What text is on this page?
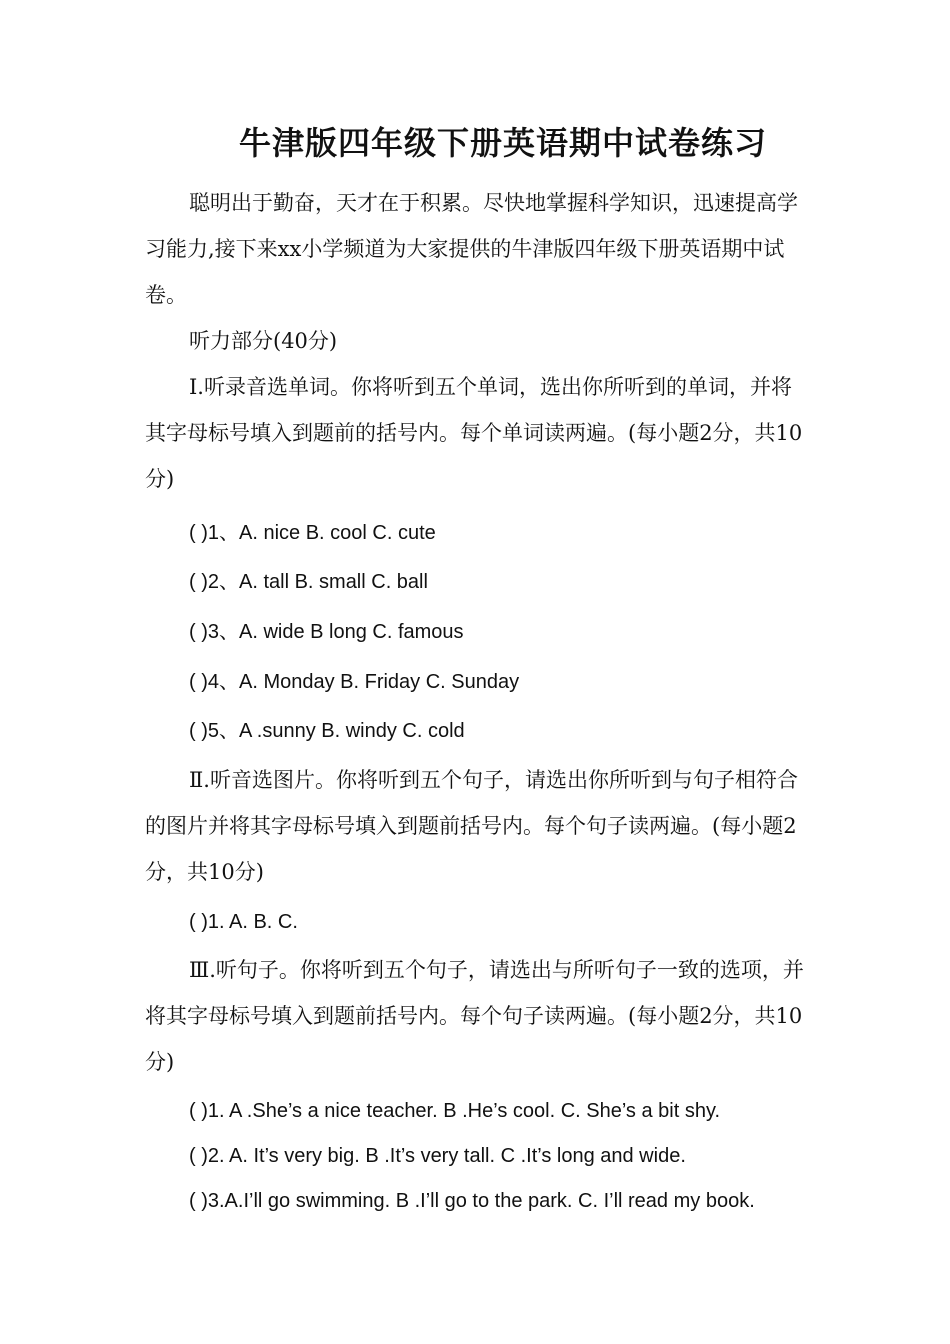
牛津版四年级下册英语期中试卷练习

聪明出于勤奋，天才在于积累。尽快地掌握科学知识，迅速提高学习能力,接下来xx小学频道为大家提供的牛津版四年级下册英语期中试卷。

听力部分(40分)

I.听录音选单词。你将听到五个单词，选出你所听到的单词，并将其字母标号填入到题前的括号内。每个单词读两遍。(每小题2分，共10分)

( )1、A. nice B. cool C. cute

( )2、A. tall B. small C. ball

( )3、A. wide B long C. famous

( )4、A. Monday B. Friday C. Sunday

( )5、A .sunny B. windy C. cold

Ⅱ.听音选图片。你将听到五个句子，请选出你所听到与句子相符合的图片并将其字母标号填入到题前括号内。每个句子读两遍。(每小题2分，共10分)

( )1. A. B. C.

Ⅲ.听句子。你将听到五个句子，请选出与所听句子一致的选项，并将其字母标号填入到题前括号内。每个句子读两遍。(每小题2分，共10分)

( )1. A .She’s a nice teacher. B .He’s cool. C. She’s a bit shy.

( )2. A. It’s very big. B .It’s very tall. C .It’s long and wide.

( )3.A.I’ll go swimming. B .I’ll go to the park. C. I’ll read my book.
